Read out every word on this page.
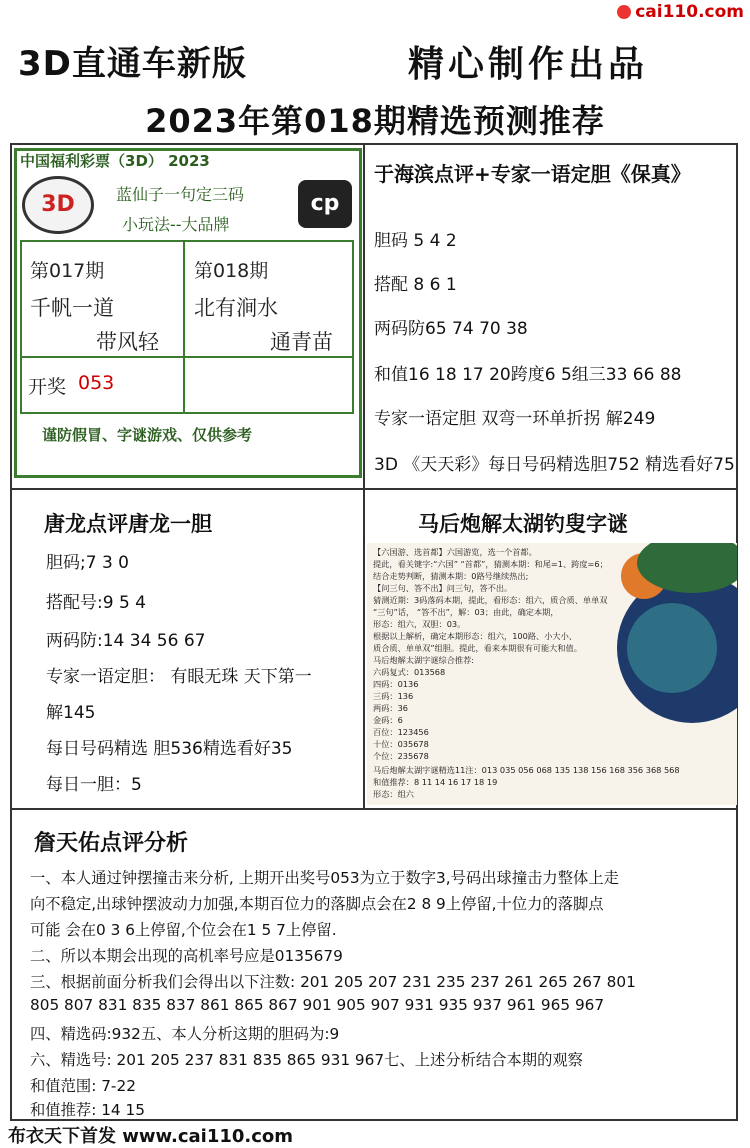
cai110.com
3D直通车新版	精心制作出品
2023年第018期精选预测推荐
中国福利彩票（3D） 2023
3D	蓝仙子一句定三码
小玩法--大品牌
cp
第017期
千帆一道
带风轻
第018期
北有涧水
通青苗
开奖 053
谨防假冒、字谜游戏、仅供参考
于海滨点评+专家一语定胆《保真》
胆码 5 4 2
搭配 8 6 1
两码防65 74 70 38
和值16 18 17 20跨度6 5组三33 66 88
专家一语定胆 双弯一环单折拐 解249
3D 《天天彩》每日号码精选胆752 精选看好75
唐龙点评唐龙一胆
胆码;7 3 0
搭配号:9 5 4
两码防:14 34 56 67
专家一语定胆： 有眼无珠 天下第一
解145
每日号码精选 胆536精选看好35
每日一胆：5
马后炮解太湖钓叟字谜
【六国游、选首都】六国游览，选一个首都。
提此，看关键字:“六国” “首都”，猜测本期：和尾=1、跨度=6；
结合走势判断，猜测本期：0路号继续热出;
【问三句、答不出】问三句，答不出。
猜测近期：3码落码本期，提此，看形态：组六，质合质、单单双
“三句”话， “答不出”，解：03；由此，确定本期，
形态：组六，双胆：03。
根据以上解析，确定本期形态：组六，100路、小大小、
质合质、单单双”组胆。提此，看来本期很有可能大和值。
马后炮解太湖字谜综合推荐:
六码复式：013568
四码：0136
三码：136
两码：36
金码：6
百位：123456
十位：035678
个位：235678
马后炮解太湖字谜精选11注：013 035 056 068 135 138 156 168 356 368 568
和值推荐：8 11 14 16 17 18 19
形态：组六
詹天佑点评分析
一、本人通过钟摆撞击来分析, 上期开出奖号053为立于数字3,号码出球撞击力整体上走
向不稳定,出球钟摆波动力加强,本期百位力的落脚点会在2 8 9上停留,十位力的落脚点
可能 会在0 3 6上停留,个位会在1 5 7上停留.
二、所以本期会出现的高机率号应是0135679
三、根据前面分析我们会得出以下注数: 201 205 207 231 235 237 261 265 267 801
805 807 831 835 837 861 865 867 901 905 907 931 935 937 961 965 967
四、精选码:932五、本人分析这期的胆码为:9
六、精选号: 201 205 237 831 835 865 931 967七、上述分析结合本期的观察
和值范围: 7-22
和值推荐: 14 15
布衣天下首发 www.cai110.com
